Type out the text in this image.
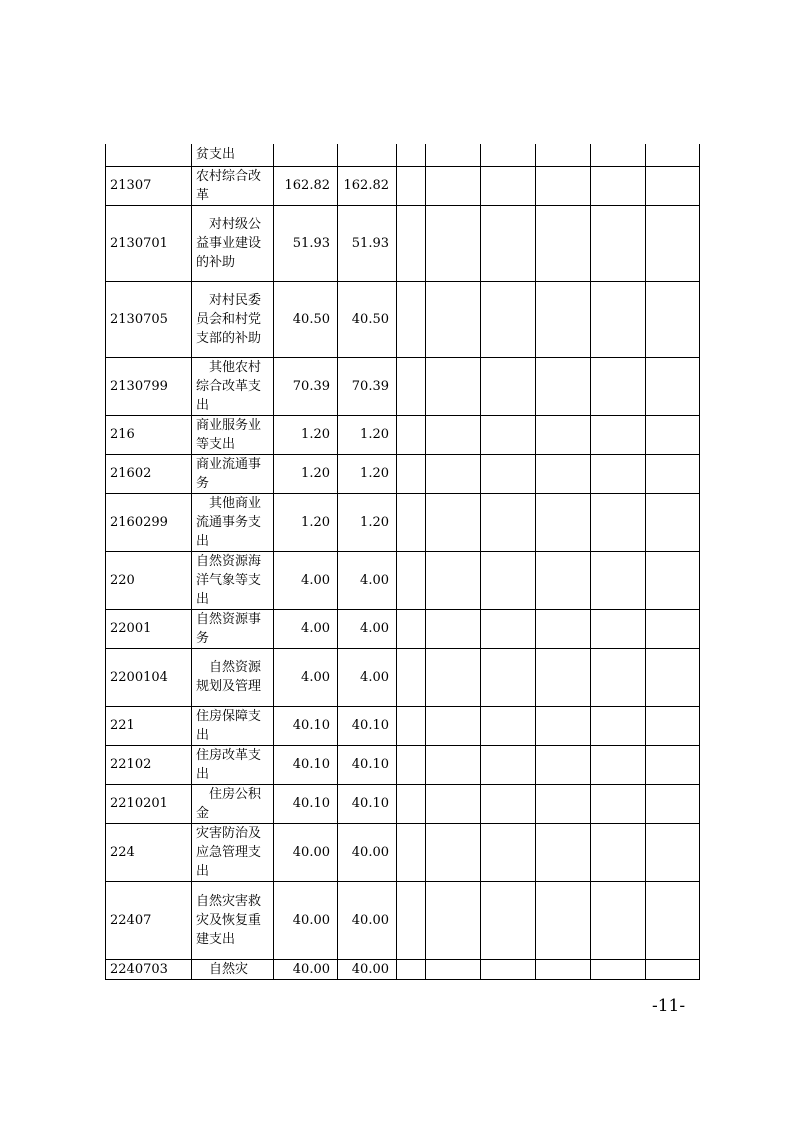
	贫支出								
21307	农村综合改革	162.82	162.82						
2130701	对村级公益事业建设的补助	51.93	51.93						
2130705	对村民委员会和村党支部的补助	40.50	40.50						
2130799	其他农村综合改革支出	70.39	70.39						
216	商业服务业等支出	1.20	1.20						
21602	商业流通事务	1.20	1.20						
2160299	其他商业流通事务支出	1.20	1.20						
220	自然资源海洋气象等支出	4.00	4.00						
22001	自然资源事务	4.00	4.00						
2200104	自然资源规划及管理	4.00	4.00						
221	住房保障支出	40.10	40.10						
22102	住房改革支出	40.10	40.10						
2210201	住房公积金	40.10	40.10						
224	灾害防治及应急管理支出	40.00	40.00						
22407	自然灾害救灾及恢复重建支出	40.00	40.00						
2240703	自然灾	40.00	40.00						
-11-
